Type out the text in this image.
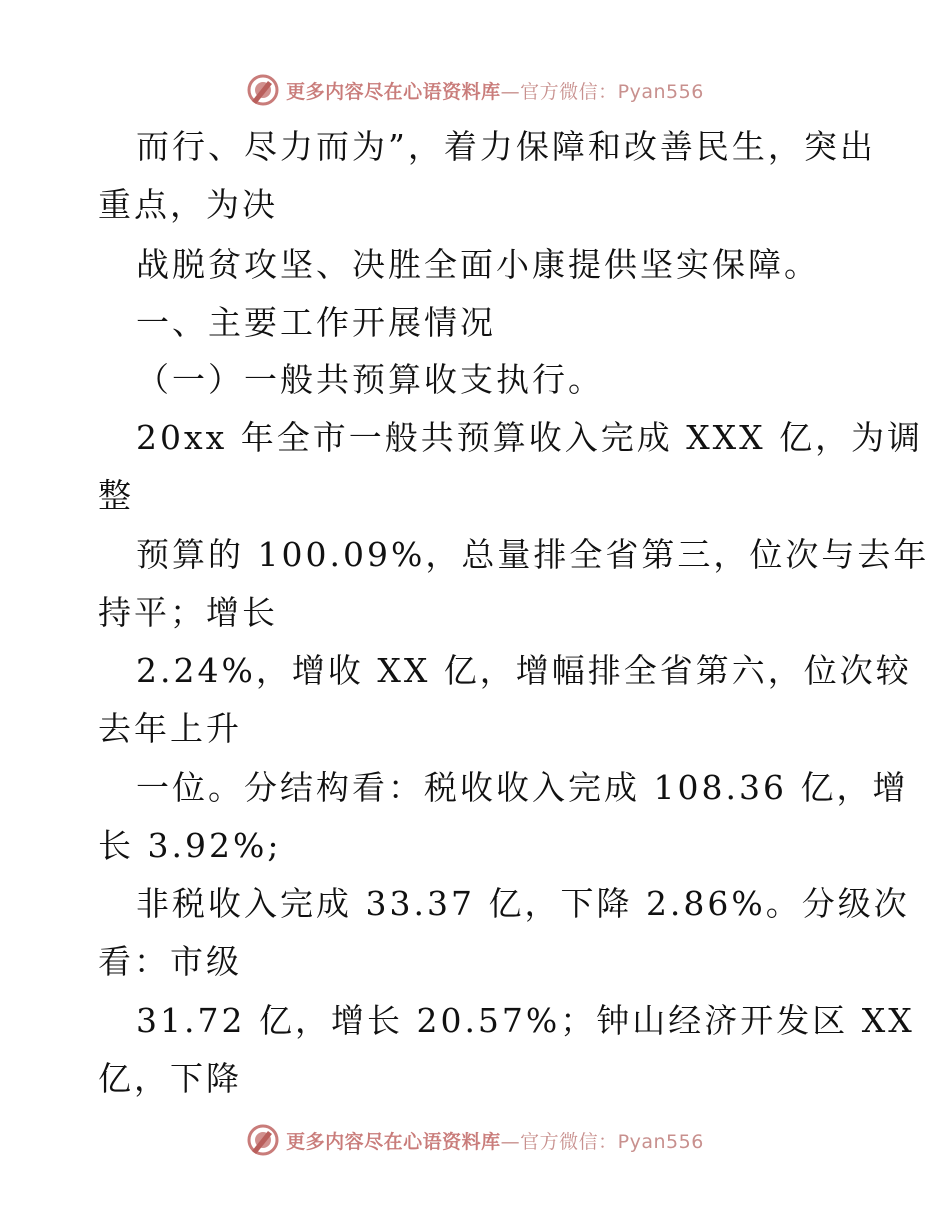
更多内容尽在心语资料库—官方微信：Pyan556
而行、尽力而为”，着力保障和改善民生，突出
重点，为决
战脱贫攻坚、决胜全面小康提供坚实保障。
一、主要工作开展情况
（一）一般共预算收支执行。
20xx 年全市一般共预算收入完成 XXX 亿，为调
整
预算的 100.09%，总量排全省第三，位次与去年
持平；增长
2.24%，增收 XX 亿，增幅排全省第六，位次较
去年上升
一位。分结构看：税收收入完成 108.36 亿，增
长 3.92%;
非税收入完成 33.37 亿，下降 2.86%。分级次
看：市级
31.72 亿，增长 20.57%；钟山经济开发区 XX
亿，下降
更多内容尽在心语资料库—官方微信：Pyan556
